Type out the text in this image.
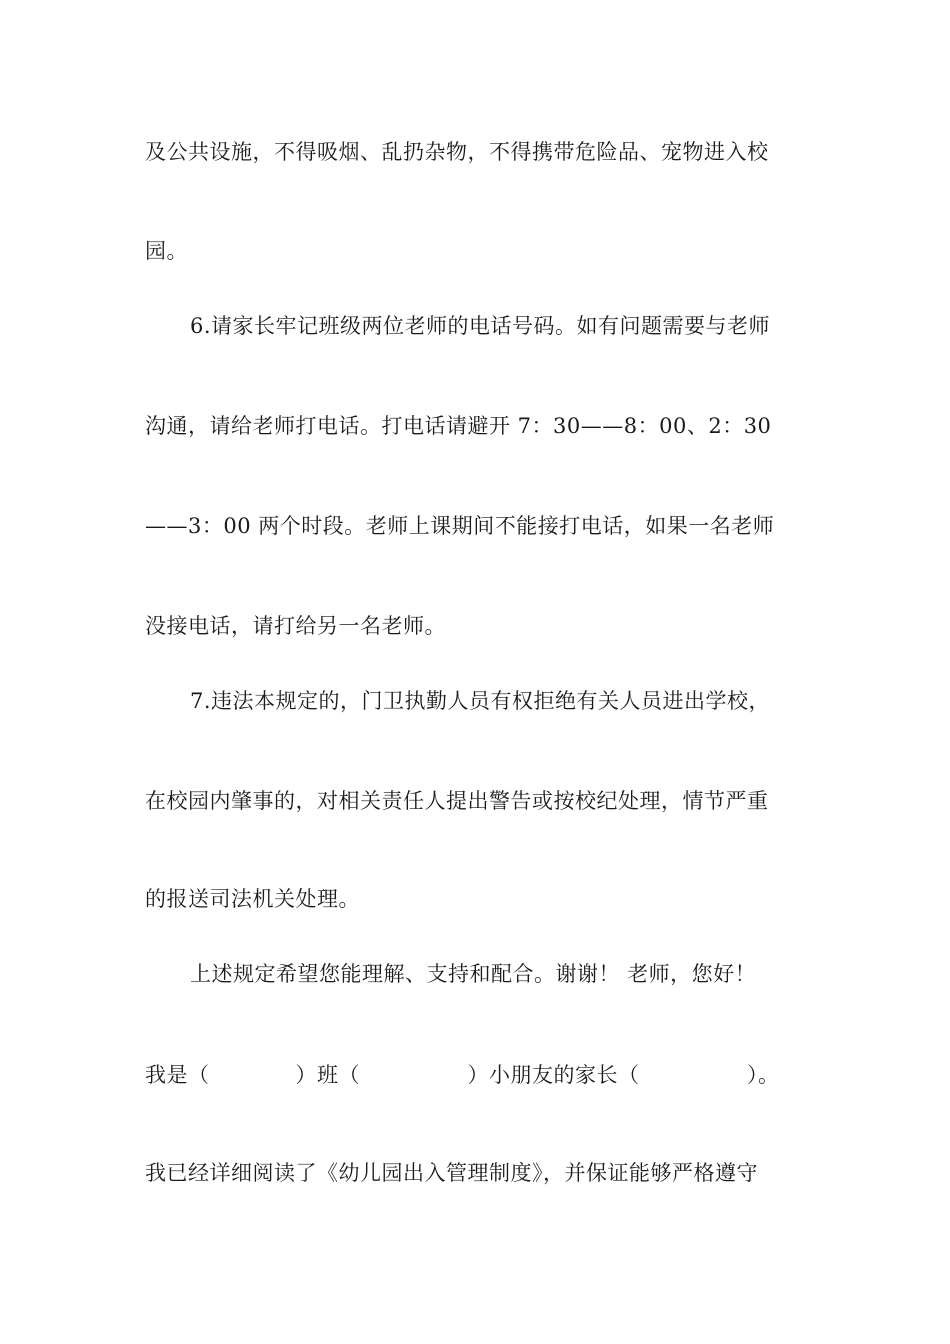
及公共设施，不得吸烟、乱扔杂物，不得携带危险品、宠物进入校
园。
6.请家长牢记班级两位老师的电话号码。如有问题需要与老师
沟通，请给老师打电话。打电话请避开 7：30——8：00、2：30
——3：00 两个时段。老师上课期间不能接打电话，如果一名老师
没接电话，请打给另一名老师。
7.违法本规定的，门卫执勤人员有权拒绝有关人员进出学校，
在校园内肇事的，对相关责任人提出警告或按校纪处理，情节严重
的报送司法机关处理。
上述规定希望您能理解、支持和配合。谢谢！ 老师，您好！
我是（　　　　）班（　　　　　）小朋友的家长（　　　　　）。
我已经详细阅读了《幼儿园出入管理制度》，并保证能够严格遵守
